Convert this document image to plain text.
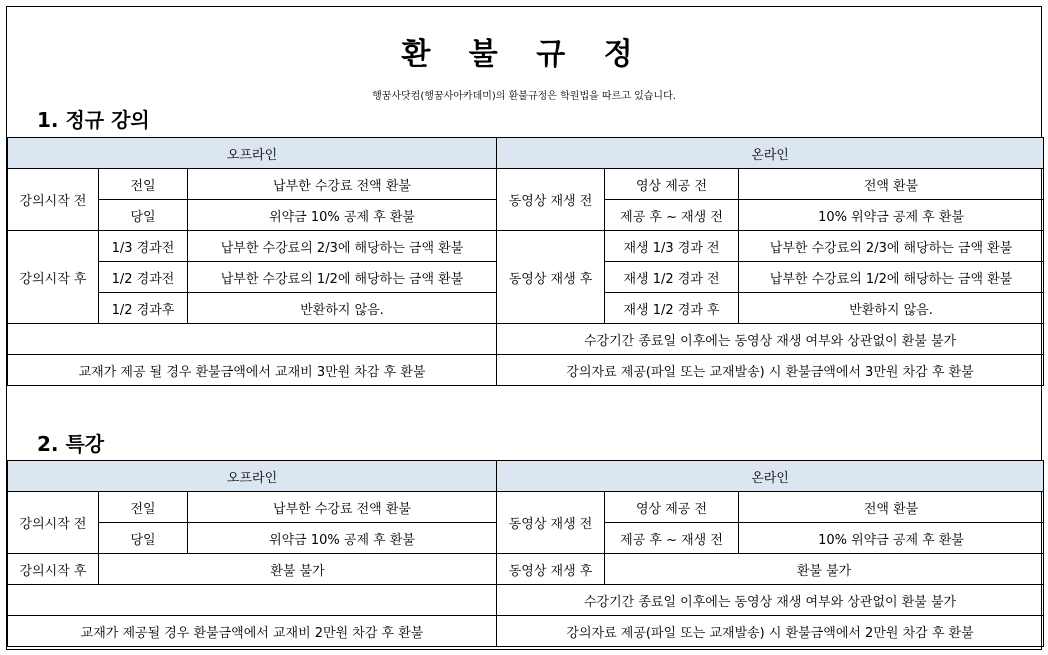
환 불 규 정
행꿈사닷컴(행꿈사아카데미)의 환불규정은 학원법을 따르고 있습니다.
1. 정규 강의
오프라인			온라인		
강의시작 전	전일	납부한 수강료 전액 환불	동영상 재생 전	영상 제공 전	전액 환불
	당일	위약금 10% 공제 후 환불		제공 후 ~ 재생 전	10% 위약금 공제 후 환불
강의시작 후	1/3 경과전	납부한 수강료의 2/3에 해당하는 금액 환불	동영상 재생 후	재생 1/3 경과 전	납부한 수강료의 2/3에 해당하는 금액 환불
	1/2 경과전	납부한 수강료의 1/2에 해당하는 금액 환불		재생 1/2 경과 전	납부한 수강료의 1/2에 해당하는 금액 환불
	1/2 경과후	반환하지 않음.		재생 1/2 경과 후	반환하지 않음.
			수강기간 종료일 이후에는 동영상 재생 여부와 상관없이 환불 불가		
교재가 제공 될 경우 환불금액에서 교재비 3만원 차감 후 환불			강의자료 제공(파일 또는 교재발송) 시 환불금액에서 3만원 차감 후 환불		
2. 특강
오프라인			온라인		
강의시작 전	전일	납부한 수강료 전액 환불	동영상 재생 전	영상 제공 전	전액 환불
	당일	위약금 10% 공제 후 환불		제공 후 ~ 재생 전	10% 위약금 공제 후 환불
강의시작 후	환불 불가		동영상 재생 후	환불 불가	
			수강기간 종료일 이후에는 동영상 재생 여부와 상관없이 환불 불가		
교재가 제공될 경우 환불금액에서 교재비 2만원 차감 후 환불			강의자료 제공(파일 또는 교재발송) 시 환불금액에서 2만원 차감 후 환불		
